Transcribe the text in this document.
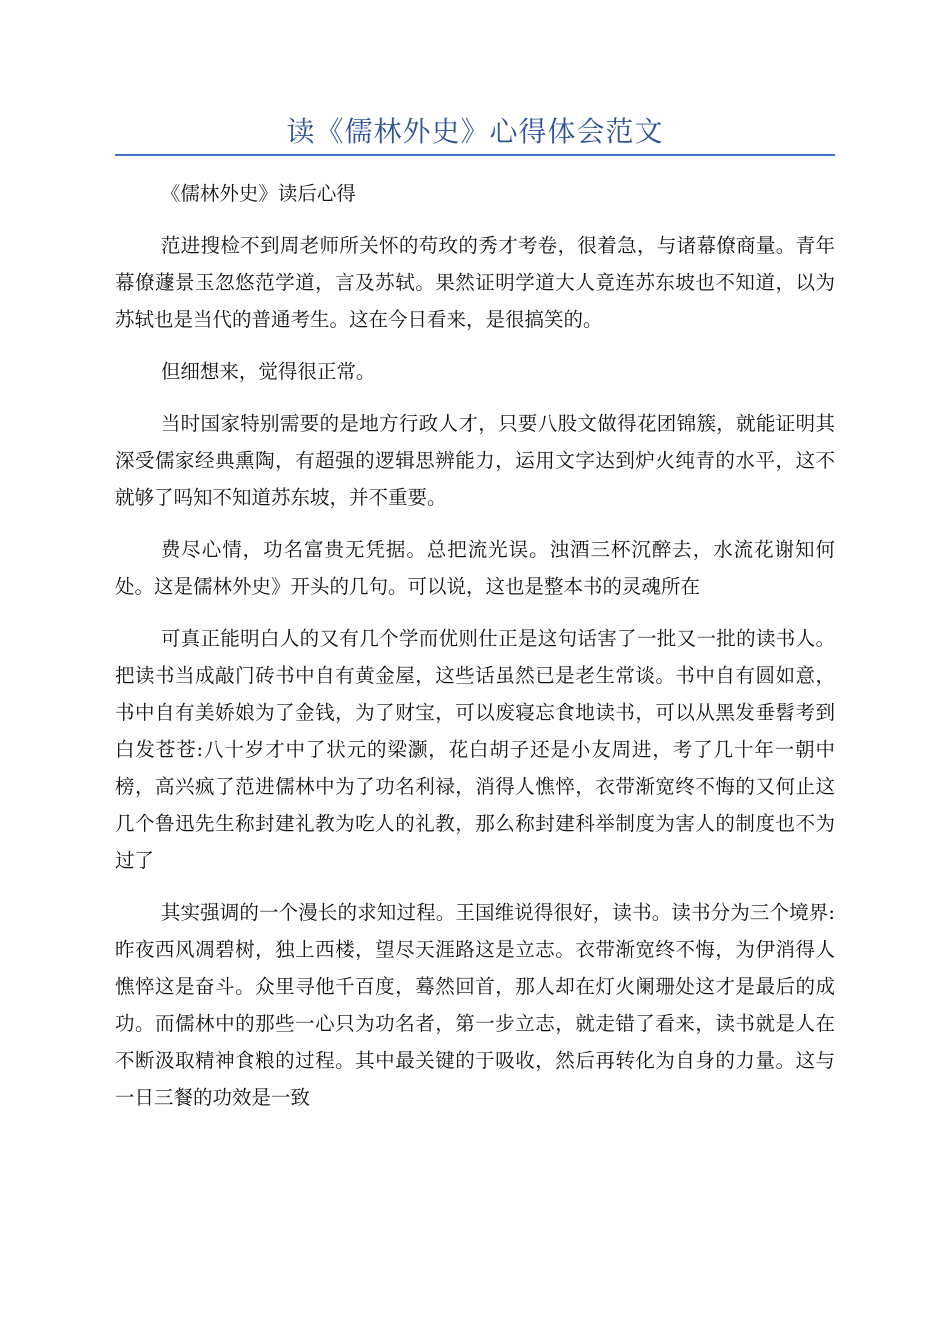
读《儒林外史》心得体会范文

《儒林外史》读后心得

范进搜检不到周老师所关怀的苟玫的秀才考卷，很着急，与诸幕僚商量。青年幕僚蘧景玉忽悠范学道，言及苏轼。果然证明学道大人竟连苏东坡也不知道，以为苏轼也是当代的普通考生。这在今日看来，是很搞笑的。

但细想来，觉得很正常。

当时国家特别需要的是地方行政人才，只要八股文做得花团锦簇，就能证明其深受儒家经典熏陶，有超强的逻辑思辨能力，运用文字达到炉火纯青的水平，这不就够了吗知不知道苏东坡，并不重要。

费尽心情，功名富贵无凭据。总把流光误。浊酒三杯沉醉去，水流花谢知何处。这是儒林外史》开头的几句。可以说，这也是整本书的灵魂所在

可真正能明白人的又有几个学而优则仕正是这句话害了一批又一批的读书人。把读书当成敲门砖书中自有黄金屋，这些话虽然已是老生常谈。书中自有圆如意，书中自有美娇娘为了金钱，为了财宝，可以废寝忘食地读书，可以从黑发垂髫考到白发苍苍:八十岁才中了状元的梁灏，花白胡子还是小友周进，考了几十年一朝中榜，高兴疯了范进儒林中为了功名利禄，消得人憔悴，衣带渐宽终不悔的又何止这几个鲁迅先生称封建礼教为吃人的礼教，那么称封建科举制度为害人的制度也不为过了

其实强调的一个漫长的求知过程。王国维说得很好，读书。读书分为三个境界:昨夜西风凋碧树，独上西楼，望尽天涯路这是立志。衣带渐宽终不悔，为伊消得人憔悴这是奋斗。众里寻他千百度，蓦然回首，那人却在灯火阑珊处这才是最后的成功。而儒林中的那些一心只为功名者，第一步立志，就走错了看来，读书就是人在不断汲取精神食粮的过程。其中最关键的于吸收，然后再转化为自身的力量。这与一日三餐的功效是一致
